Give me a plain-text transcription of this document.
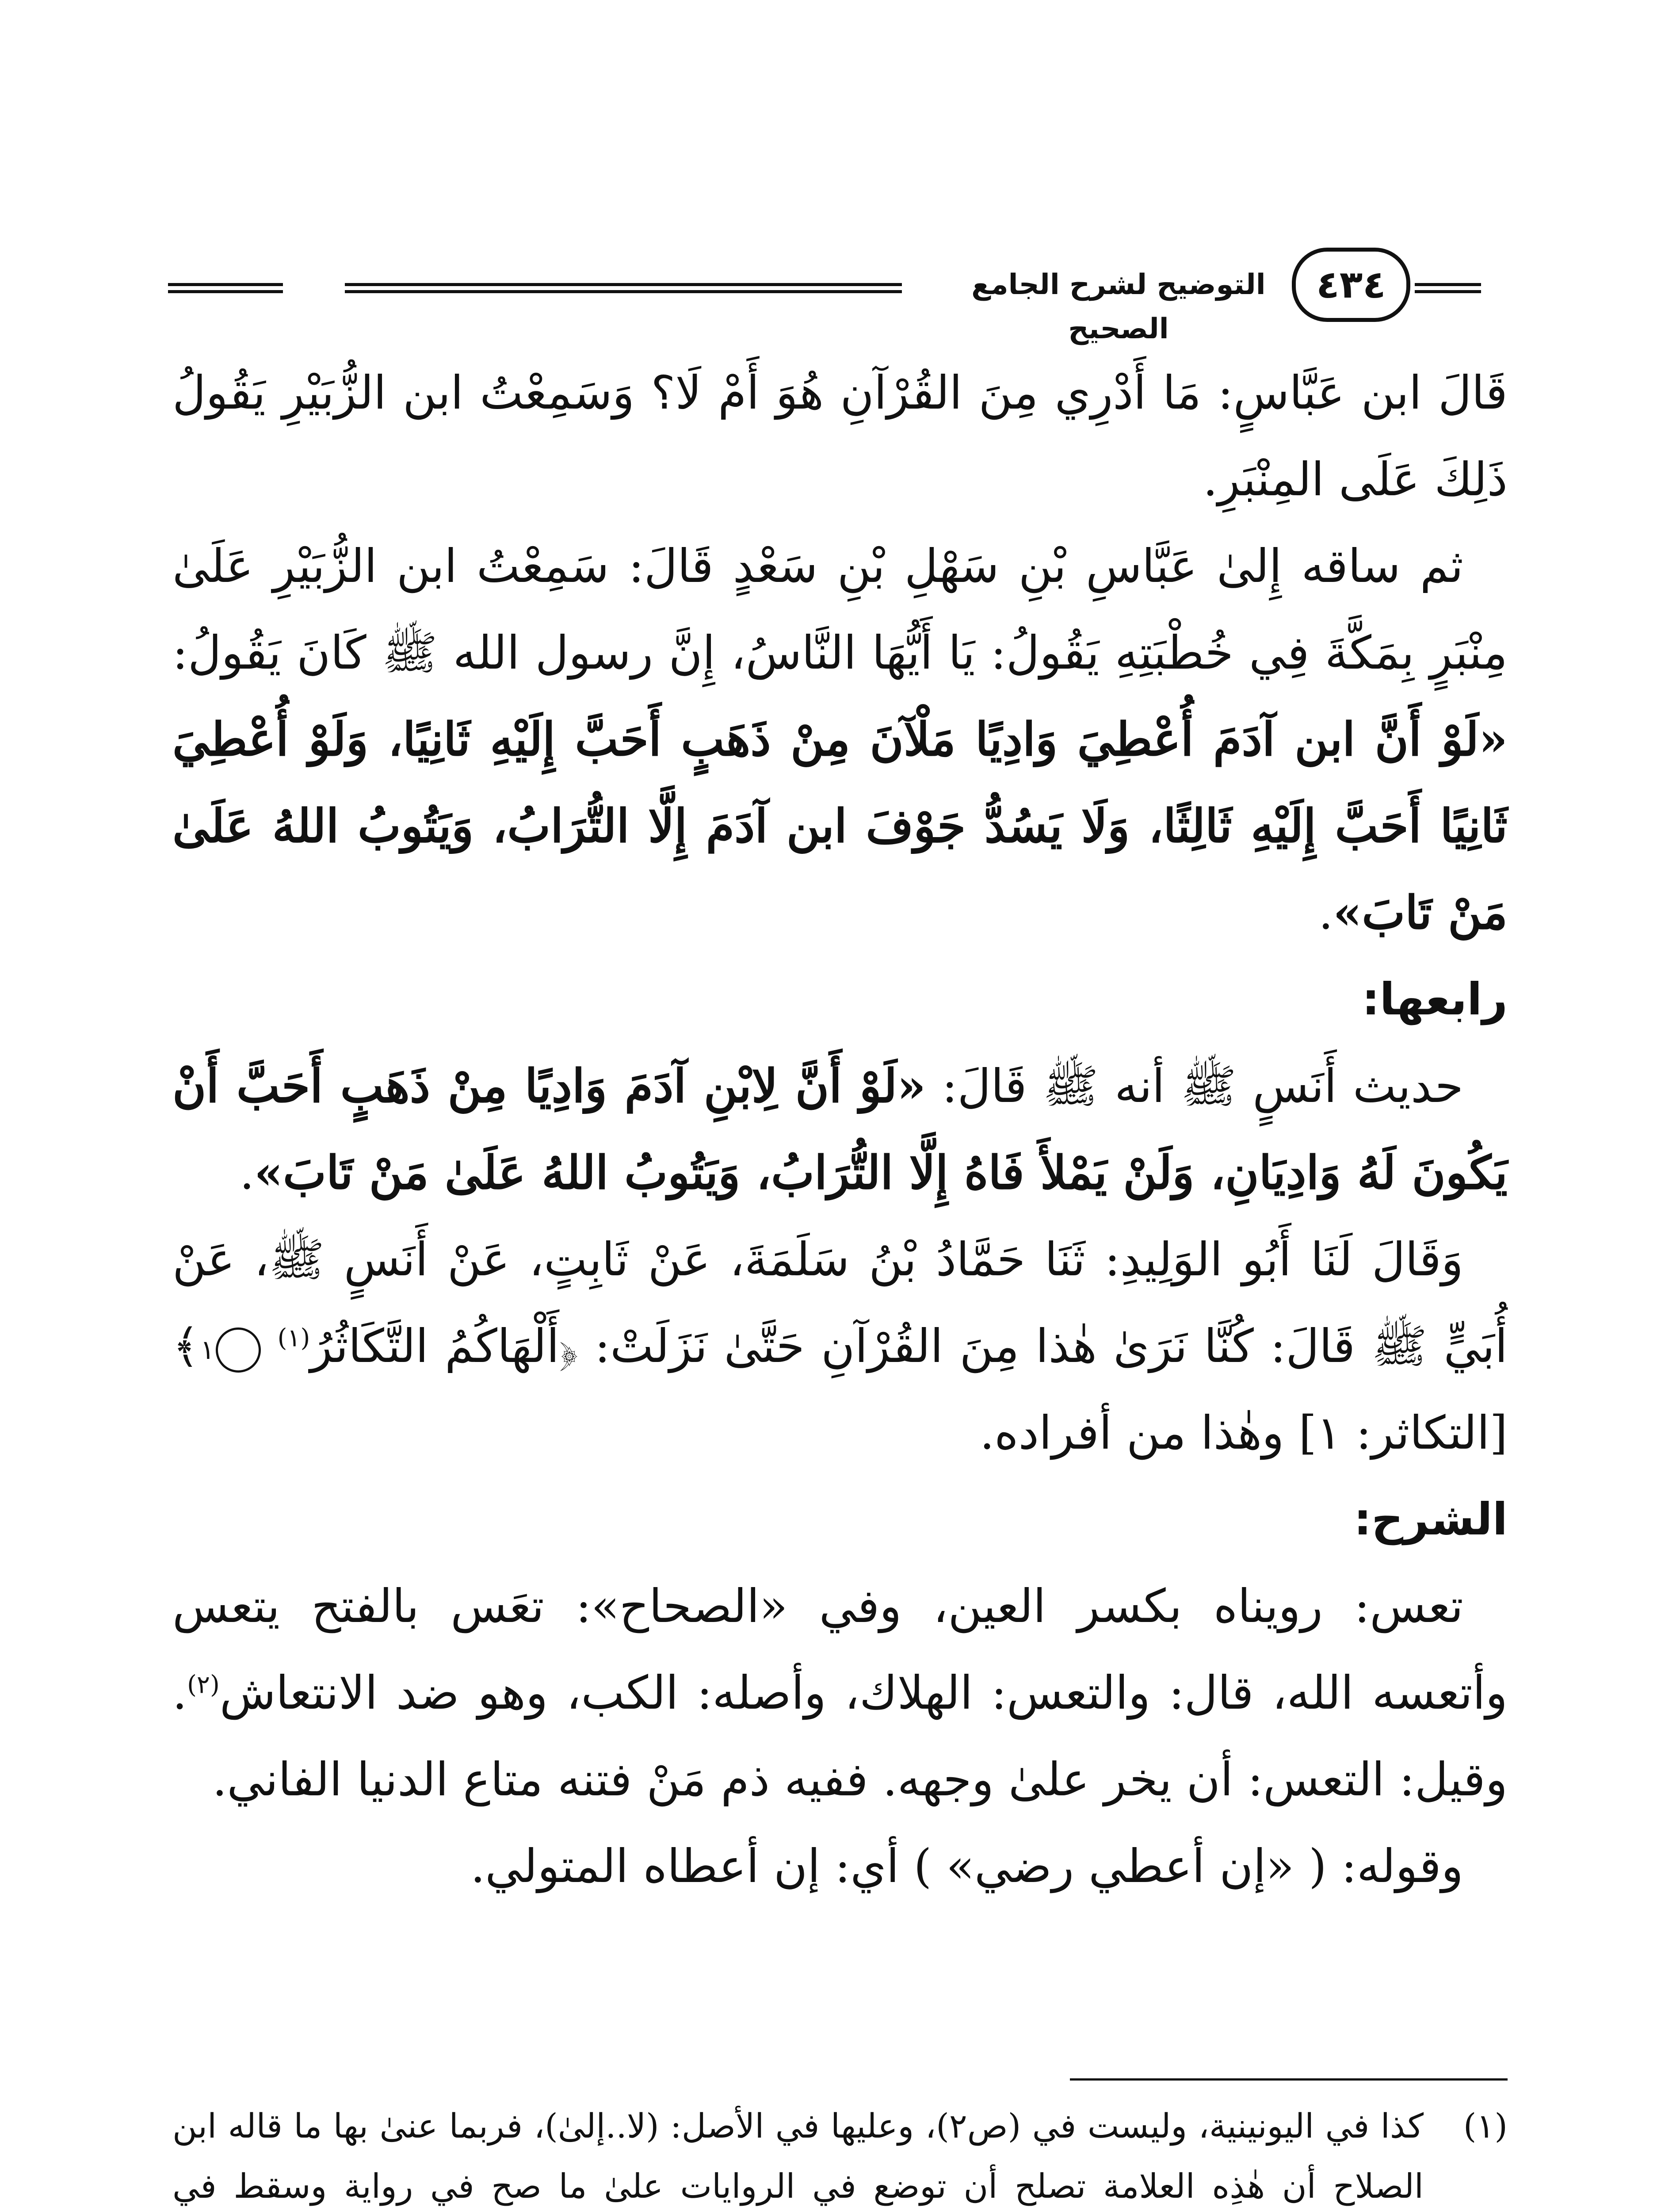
التوضيح لشرح الجامع الصحيح
٤٣٤

قَالَ ابن عَبَّاسٍ: مَا أَدْرِي مِنَ القُرْآنِ هُوَ أَمْ لَا؟ وَسَمِعْتُ ابن الزُّبَيْرِ يَقُولُ ذَلِكَ عَلَى المِنْبَرِ.

ثم ساقه إِلىٰ عَبَّاسِ بْنِ سَهْلِ بْنِ سَعْدٍ قَالَ: سَمِعْتُ ابن الزُّبَيْرِ عَلَىٰ مِنْبَرٍ بِمَكَّةَ فِي خُطْبَتِهِ يَقُولُ: يَا أَيُّهَا النَّاسُ، إِنَّ رسول الله ﷺ كَانَ يَقُولُ: «لَوْ أَنَّ ابن آدَمَ أُعْطِيَ وَادِيًا مَلْآنَ مِنْ ذَهَبٍ أَحَبَّ إِلَيْهِ ثَانِيًا، وَلَوْ أُعْطِيَ ثَانِيًا أَحَبَّ إِلَيْهِ ثَالِثًا، وَلَا يَسُدُّ جَوْفَ ابن آدَمَ إِلَّا التُّرَابُ، وَيَتُوبُ اللهُ عَلَىٰ مَنْ تَابَ».

رابعها:

حديث أَنَسٍ ﷺ أنه ﷺ قَالَ: «لَوْ أَنَّ لِابْنِ آدَمَ وَادِيًا مِنْ ذَهَبٍ أَحَبَّ أَنْ يَكُونَ لَهُ وَادِيَانِ، وَلَنْ يَمْلأَ فَاهُ إِلَّا التُّرَابُ، وَيَتُوبُ اللهُ عَلَىٰ مَنْ تَابَ».

وَقَالَ لَنَا أَبُو الوَلِيدِ: ثَنَا حَمَّادُ بْنُ سَلَمَةَ، عَنْ ثَابِتٍ، عَنْ أَنَسٍ ﷺ، عَنْ أُبَيٍّ ﷺ قَالَ: كُنَّا نَرَىٰ هٰذا مِنَ القُرْآنِ حَتَّىٰ نَزَلَتْ: ﴿أَلْهَاكُمُ التَّكَاثُرُ$^{(١)}$ ١ ﴾ [التكاثر: ١] وهٰذا من أفراده.

الشرح:

تعس: رويناه بكسر العين، وفي «الصحاح»: تعَس بالفتح يتعس وأتعسه الله، قال: والتعس: الهلاك، وأصله: الكب، وهو ضد الانتعاش$^{(٢)}$. وقيل: التعس: أن يخر علىٰ وجهه. ففيه ذم مَنْ فتنه متاع الدنيا الفاني.

وقوله: ( «إن أعطي رضي» ) أي: إن أعطاه المتولي.

(١)
كذا في اليونينية، وليست في (ص٢)، وعليها في الأصل: (لا..إلىٰ)، فربما عنىٰ بها ما قاله ابن الصلاح أن هٰذِه العلامة تصلح أن توضع في الروايات علىٰ ما صح في رواية وسقط في
